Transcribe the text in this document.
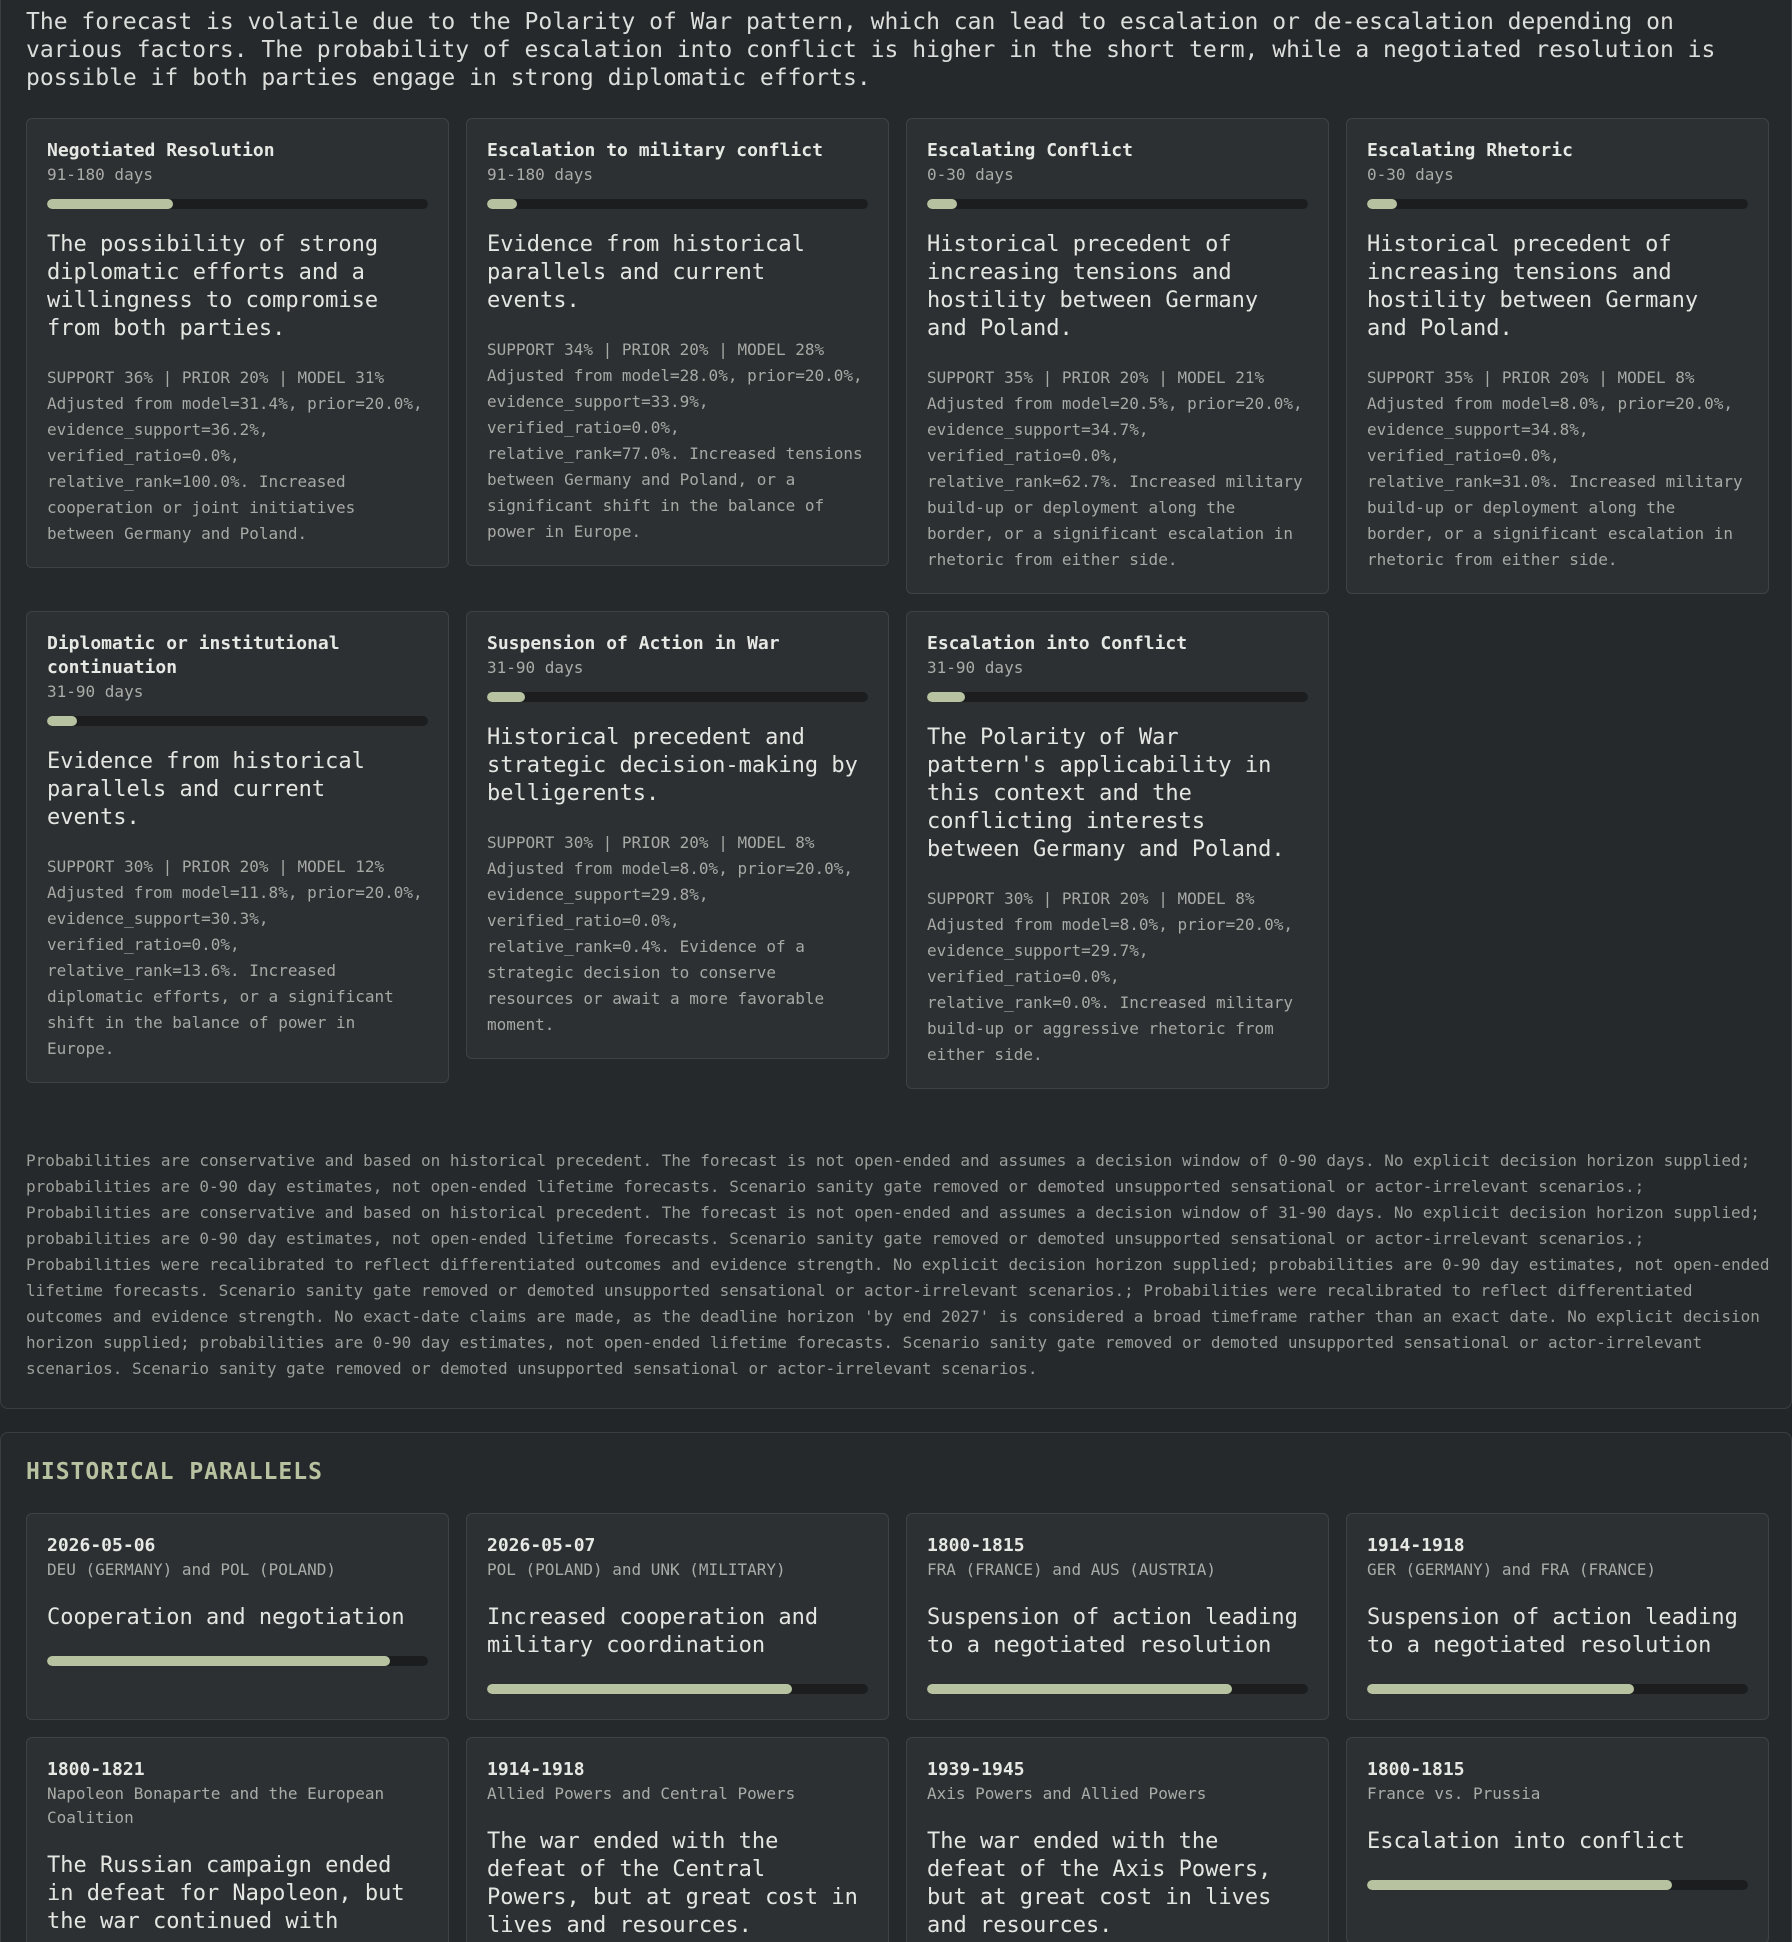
The forecast is volatile due to the Polarity of War pattern, which can lead to escalation or de-escalation depending on various factors. The probability of escalation into conflict is higher in the short term, while a negotiated resolution is possible if both parties engage in strong diplomatic efforts.

Negotiated Resolution
91-180 days
The possibility of strong diplomatic efforts and a willingness to compromise from both parties.
SUPPORT 36% | PRIOR 20% | MODEL 31%
Adjusted from model=31.4%, prior=20.0%, evidence_support=36.2%, verified_ratio=0.0%, relative_rank=100.0%. Increased cooperation or joint initiatives between Germany and Poland.
Escalation to military conflict
91-180 days
Evidence from historical parallels and current events.
SUPPORT 34% | PRIOR 20% | MODEL 28%
Adjusted from model=28.0%, prior=20.0%, evidence_support=33.9%, verified_ratio=0.0%, relative_rank=77.0%. Increased tensions between Germany and Poland, or a significant shift in the balance of power in Europe.
Escalating Conflict
0-30 days
Historical precedent of increasing tensions and hostility between Germany and Poland.
SUPPORT 35% | PRIOR 20% | MODEL 21%
Adjusted from model=20.5%, prior=20.0%, evidence_support=34.7%, verified_ratio=0.0%, relative_rank=62.7%. Increased military build-up or deployment along the border, or a significant escalation in rhetoric from either side.
Escalating Rhetoric
0-30 days
Historical precedent of increasing tensions and hostility between Germany and Poland.
SUPPORT 35% | PRIOR 20% | MODEL 8%
Adjusted from model=8.0%, prior=20.0%, evidence_support=34.8%, verified_ratio=0.0%, relative_rank=31.0%. Increased military build-up or deployment along the border, or a significant escalation in rhetoric from either side.
Diplomatic or institutional continuation
31-90 days
Evidence from historical parallels and current events.
SUPPORT 30% | PRIOR 20% | MODEL 12%
Adjusted from model=11.8%, prior=20.0%, evidence_support=30.3%, verified_ratio=0.0%, relative_rank=13.6%. Increased diplomatic efforts, or a significant shift in the balance of power in Europe.
Suspension of Action in War
31-90 days
Historical precedent and strategic decision-making by belligerents.
SUPPORT 30% | PRIOR 20% | MODEL 8%
Adjusted from model=8.0%, prior=20.0%, evidence_support=29.8%, verified_ratio=0.0%, relative_rank=0.4%. Evidence of a strategic decision to conserve resources or await a more favorable moment.
Escalation into Conflict
31-90 days
The Polarity of War pattern's applicability in this context and the conflicting interests between Germany and Poland.
SUPPORT 30% | PRIOR 20% | MODEL 8%
Adjusted from model=8.0%, prior=20.0%, evidence_support=29.7%, verified_ratio=0.0%, relative_rank=0.0%. Increased military build-up or aggressive rhetoric from either side.

Probabilities are conservative and based on historical precedent. The forecast is not open-ended and assumes a decision window of 0-90 days. No explicit decision horizon supplied; probabilities are 0-90 day estimates, not open-ended lifetime forecasts. Scenario sanity gate removed or demoted unsupported sensational or actor-irrelevant scenarios.; Probabilities are conservative and based on historical precedent. The forecast is not open-ended and assumes a decision window of 31-90 days. No explicit decision horizon supplied; probabilities are 0-90 day estimates, not open-ended lifetime forecasts. Scenario sanity gate removed or demoted unsupported sensational or actor-irrelevant scenarios.; Probabilities were recalibrated to reflect differentiated outcomes and evidence strength. No explicit decision horizon supplied; probabilities are 0-90 day estimates, not open-ended lifetime forecasts. Scenario sanity gate removed or demoted unsupported sensational or actor-irrelevant scenarios.; Probabilities were recalibrated to reflect differentiated outcomes and evidence strength. No exact-date claims are made, as the deadline horizon 'by end 2027' is considered a broad timeframe rather than an exact date. No explicit decision horizon supplied; probabilities are 0-90 day estimates, not open-ended lifetime forecasts. Scenario sanity gate removed or demoted unsupported sensational or actor-irrelevant scenarios. Scenario sanity gate removed or demoted unsupported sensational or actor-irrelevant scenarios.

HISTORICAL PARALLELS
2026-05-06
DEU (GERMANY) and POL (POLAND)
Cooperation and negotiation
2026-05-07
POL (POLAND) and UNK (MILITARY)
Increased cooperation and military coordination
1800-1815
FRA (FRANCE) and AUS (AUSTRIA)
Suspension of action leading to a negotiated resolution
1914-1918
GER (GERMANY) and FRA (FRANCE)
Suspension of action leading to a negotiated resolution
1800-1821
Napoleon Bonaparte and the European Coalition
The Russian campaign ended in defeat for Napoleon, but the war continued with
1914-1918
Allied Powers and Central Powers
The war ended with the defeat of the Central Powers, but at great cost in lives and resources.
1939-1945
Axis Powers and Allied Powers
The war ended with the defeat of the Axis Powers, but at great cost in lives and resources.
1800-1815
France vs. Prussia
Escalation into conflict
